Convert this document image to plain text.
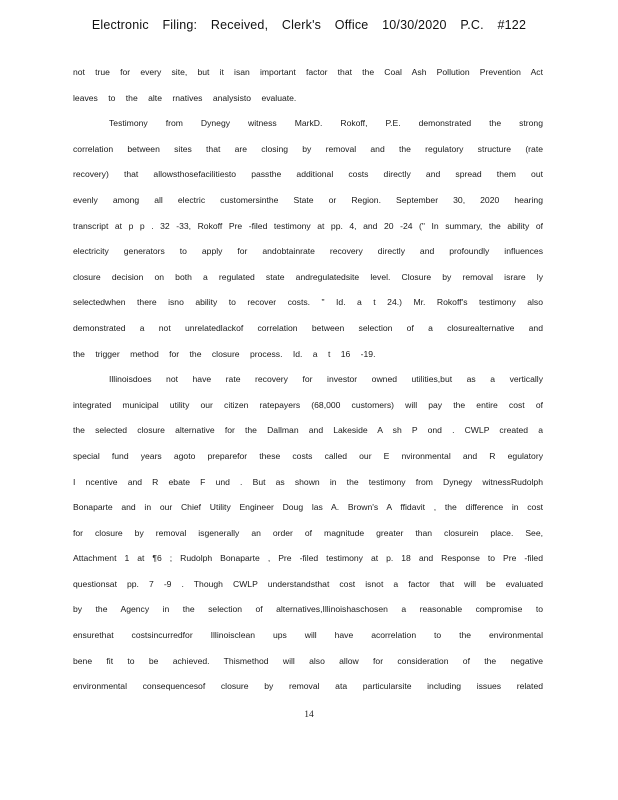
Electronic Filing: Received, Clerk's Office 10/30/2020 P.C. #122
not true for every site, but it isan important factor that the Coal Ash Pollution Prevention Act
leaves to the alte rnatives analysisto evaluate.
Testimony from Dynegy witness MarkD. Rokoff, P.E. demonstrated the strong
correlation between sites that are closing by removal and the regulatory structure (rate
recovery) that allowsthosefacilitiesto passthe additional costs directly and spread them out
evenly among all electric customersinthe State or Region. September 30, 2020 hearing
transcript at p p . 32 -33, Rokoff Pre -filed testimony at pp. 4, and 20 -24 (" In summary, the ability of
electricity generators to apply for andobtainrate recovery directly and profoundly influences
closure decision on both a regulated state andregulatedsite level. Closure by removal israre ly
selectedwhen there isno ability to recover costs. " Id. a t 24.) Mr. Rokoff's testimony also
demonstrated a not unrelatedlackof correlation between selection of a closurealternative and
the trigger method for the closure process. Id. a t 16 -19.
Illinoisdoes not have rate recovery for investor owned utilities,but as a vertically
integrated municipal utility our citizen ratepayers (68,000 customers) will pay the entire cost of
the selected closure alternative for the Dallman and Lakeside A sh P ond . CWLP created a
special fund years agoto preparefor these costs called our E nvironmental and R egulatory
I ncentive and R ebate F und . But as shown in the testimony from Dynegy witnessRudolph
Bonaparte and in our Chief Utility Engineer Doug las A. Brown's A ffidavit , the difference in cost
for closure by removal isgenerally an order of magnitude greater than closurein place. See,
Attachment 1 at ¶6 ; Rudolph Bonaparte , Pre -filed testimony at p. 18 and Response to Pre -filed
questionsat pp. 7 -9 . Though CWLP understandsthat cost isnot a factor that will be evaluated
by the Agency in the selection of alternatives,Illinoishaschosen a reasonable compromise to
ensurethat costsincurredfor Illinoisclean ups will have acorrelation to the environmental
bene fit to be achieved. Thismethod will also allow for consideration of the negative
environmental consequencesof closure by removal ata particularsite including issues related
14
